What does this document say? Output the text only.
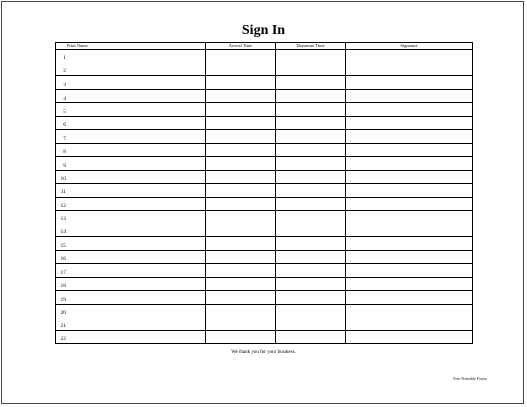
Sign In
Print Name	Arrival Time	Departure Time	Signature

1
2
3
4
5
6
7
8
9
10
11
12
13
14
15
16
17
18
19
20
21
22
We thank you for your business.
Free Printable Forms
